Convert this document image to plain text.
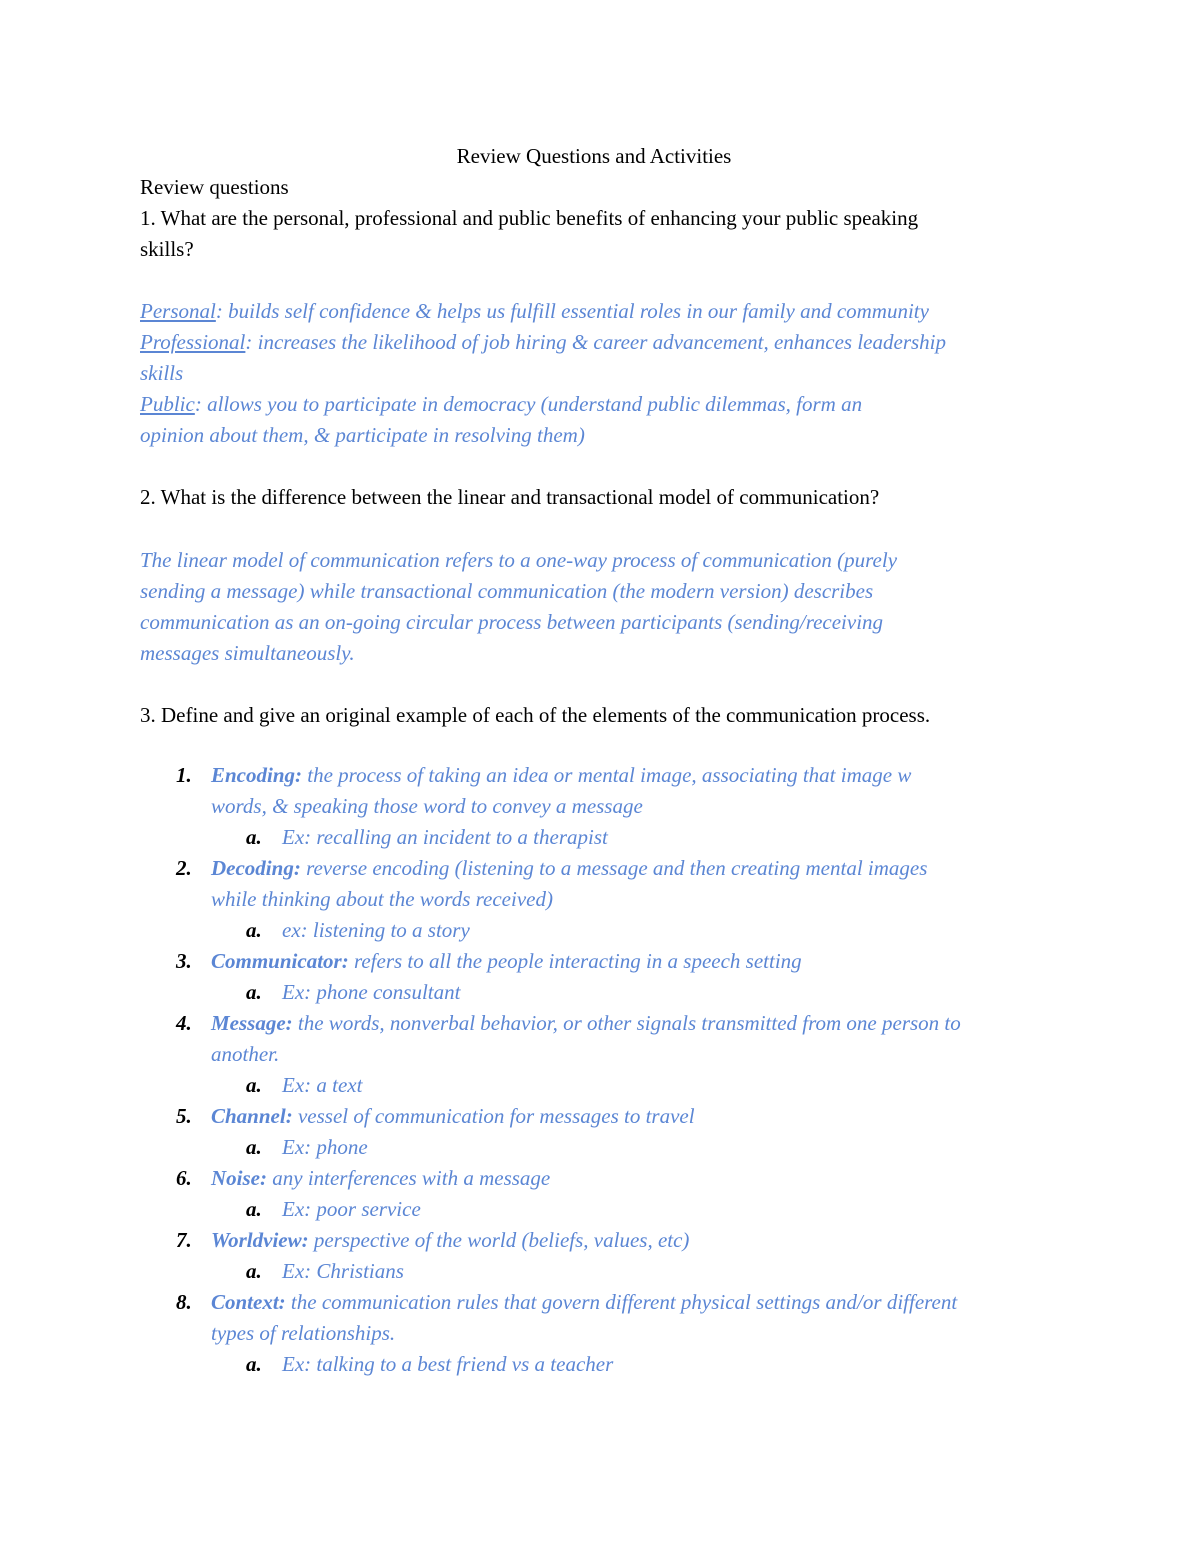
Review Questions and Activities
Review questions
1. What are the personal, professional and public benefits of enhancing your public speaking
skills?
Personal: builds self confidence & helps us fulfill essential roles in our family and community
Professional: increases the likelihood of job hiring & career advancement, enhances leadership
skills
Public: allows you to participate in democracy (understand public dilemmas, form an
opinion about them, & participate in resolving them)
2. What is the difference between the linear and transactional model of communication?
The linear model of communication refers to a one-way process of communication (purely
sending a message) while transactional communication (the modern version) describes
communication as an on-going circular process between participants (sending/receiving
messages simultaneously.
3. Define and give an original example of each of the elements of the communication process.
1. Encoding: the process of taking an idea or mental image, associating that image w
words, & speaking those word to convey a message
a. Ex: recalling an incident to a therapist
2. Decoding: reverse encoding (listening to a message and then creating mental images
while thinking about the words received)
a. ex: listening to a story
3. Communicator: refers to all the people interacting in a speech setting
a. Ex: phone consultant
4. Message: the words, nonverbal behavior, or other signals transmitted from one person to
another.
a. Ex: a text
5. Channel: vessel of communication for messages to travel
a. Ex: phone
6. Noise: any interferences with a message
a. Ex: poor service
7. Worldview: perspective of the world (beliefs, values, etc)
a. Ex: Christians
8. Context: the communication rules that govern different physical settings and/or different
types of relationships.
a. Ex: talking to a best friend vs a teacher
